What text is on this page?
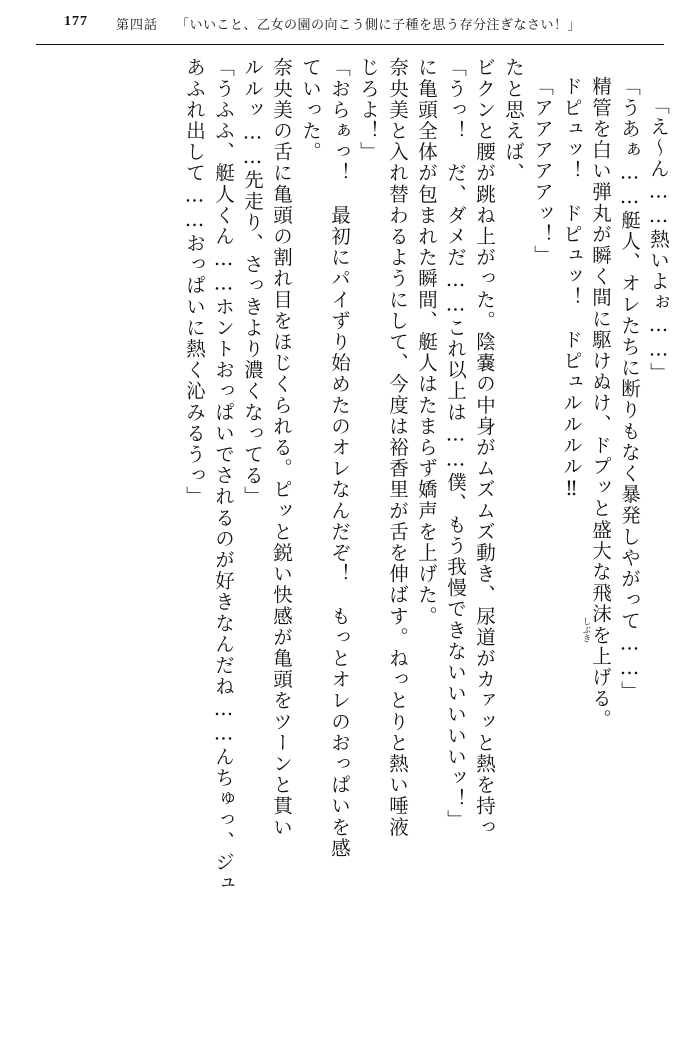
177 第四話 「いいこと、乙女の園の向こう側に子種を思う存分注ぎなさい！」
あふれ出して……おっぱいに熱く沁みるうっ」 「うふふ、艇人くん……ホントおっぱいでされるのが好きなんだね……んちゅっ、ジュ ルルッ……先走り、さっきより濃くなってる」 奈央美の舌に亀頭の割れ目をほじくられる。ピッと鋭い快感が亀頭をツーンと貫い ていった。 「おらぁっ！　最初にパイずり始めたのオレなんだぞ！　もっとオレのおっぱいを感 じろよ！」 奈央美と入れ替わるようにして、今度は裕香里が舌を伸ばす。ねっとりと熱い唾液 に亀頭全体が包まれた瞬間、艇人はたまらず嬌声を上げた。 「うっ！　だ、ダメだ……これ以上は……僕、もう我慢できないいいいいッ！」 ビクンと腰が跳ね上がった。陰嚢の中身がムズムズ動き、尿道がカァッと熱を持っ たと思えば、 「アアアアアッ！」 ドピュッ！　ドピュッ！　ドピュルルルル‼ 精管を白い弾丸が瞬く間に駆けぬけ、ドプッと盛大な飛沫を上げる。
しぶき 「うあぁ……艇人、オレたちに断りもなく暴発しやがって……」 「え～ん……熱いよぉ……」
